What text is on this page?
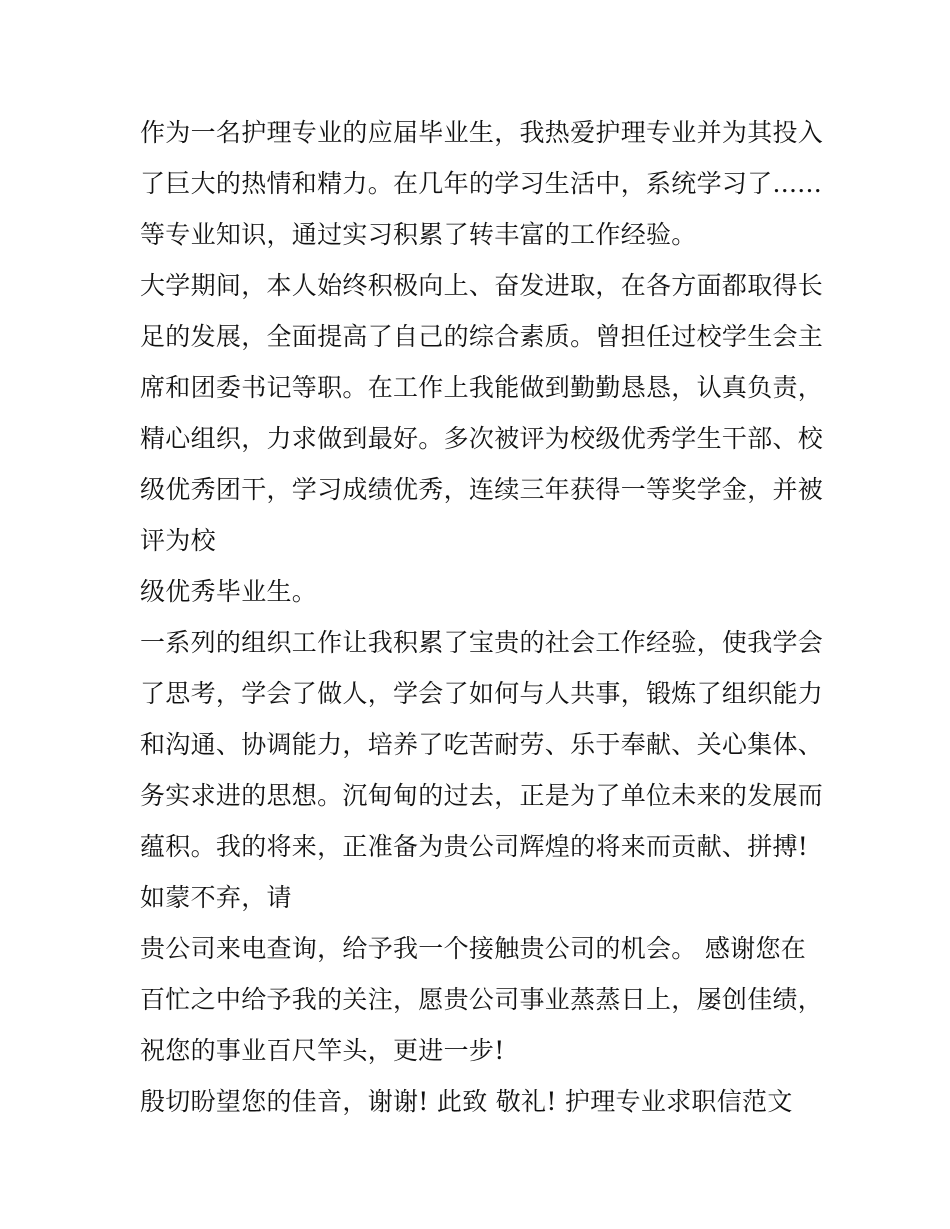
作为一名护理专业的应届毕业生，我热爱护理专业并为其投入
了巨大的热情和精力。在几年的学习生活中，系统学习了......
等专业知识，通过实习积累了转丰富的工作经验。
大学期间，本人始终积极向上、奋发进取，在各方面都取得长
足的发展，全面提高了自己的综合素质。曾担任过校学生会主
席和团委书记等职。在工作上我能做到勤勤恳恳，认真负责，
精心组织，力求做到最好。多次被评为校级优秀学生干部、校
级优秀团干，学习成绩优秀，连续三年获得一等奖学金，并被
评为校
级优秀毕业生。
一系列的组织工作让我积累了宝贵的社会工作经验，使我学会
了思考，学会了做人，学会了如何与人共事，锻炼了组织能力
和沟通、协调能力，培养了吃苦耐劳、乐于奉献、关心集体、
务实求进的思想。沉甸甸的过去，正是为了单位未来的发展而
蕴积。我的将来，正准备为贵公司辉煌的将来而贡献、拼搏!
如蒙不弃，请
贵公司来电查询，给予我一个接触贵公司的机会。 感谢您在
百忙之中给予我的关注，愿贵公司事业蒸蒸日上，屡创佳绩，
祝您的事业百尺竿头，更进一步!
殷切盼望您的佳音，谢谢! 此致 敬礼! 护理专业求职信范文
